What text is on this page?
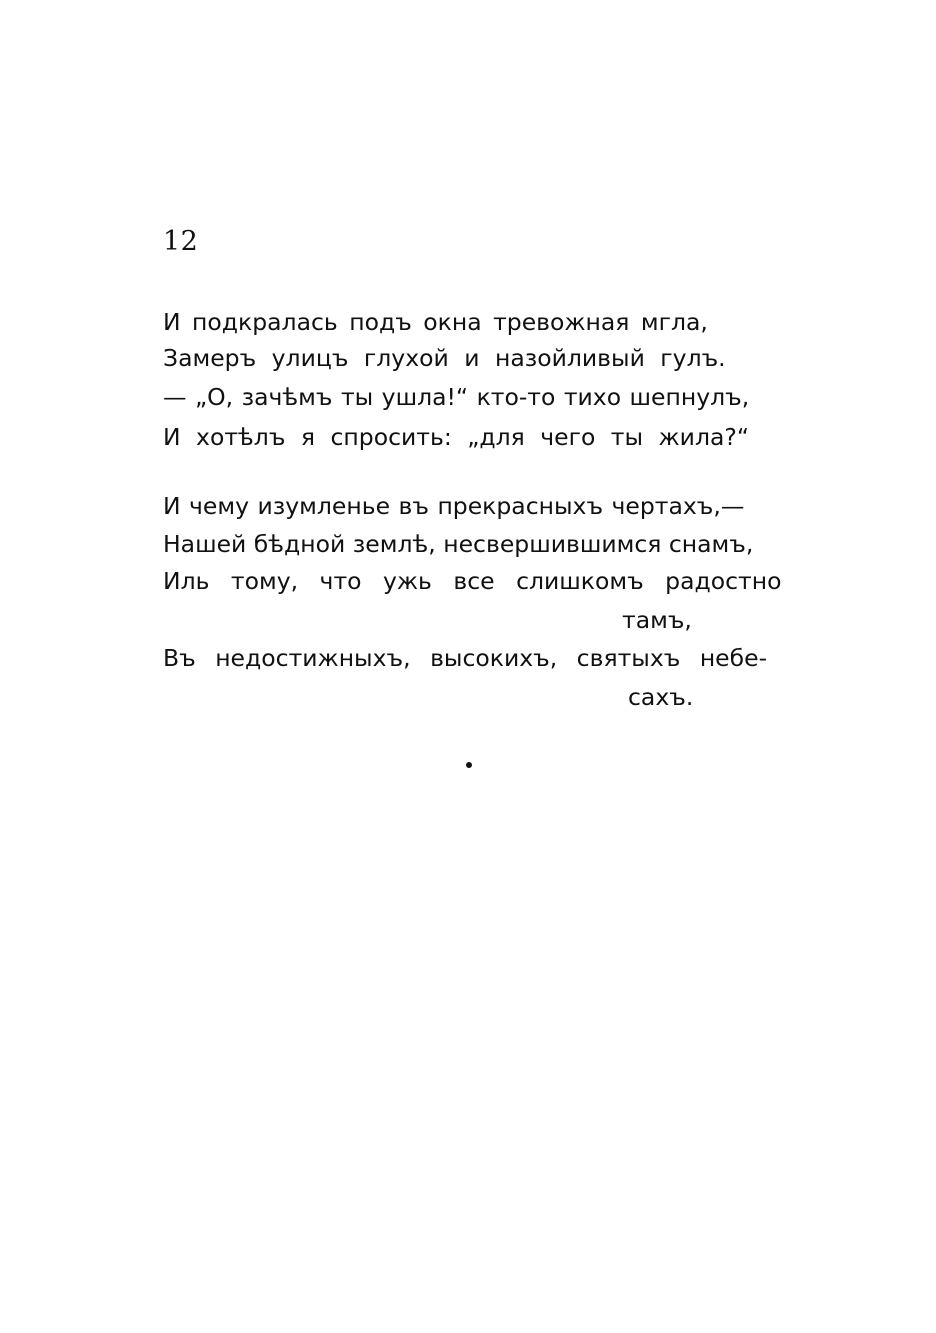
12
И подкралась подъ окна тревожная мгла,
Замеръ улицъ глухой и назойливый гулъ.
— „О, зачѣмъ ты ушла!“ кто-то тихо шепнулъ,
И хотѣлъ я спросить: „для чего ты жила?“
И чему изумленье въ прекрасныхъ чертахъ,—
Нашей бѣдной землѣ, несвершившимся снамъ,
Иль тому, что ужь все слишкомъ радостно
тамъ,
Въ недостижныхъ, высокихъ, святыхъ небе-
сахъ.
